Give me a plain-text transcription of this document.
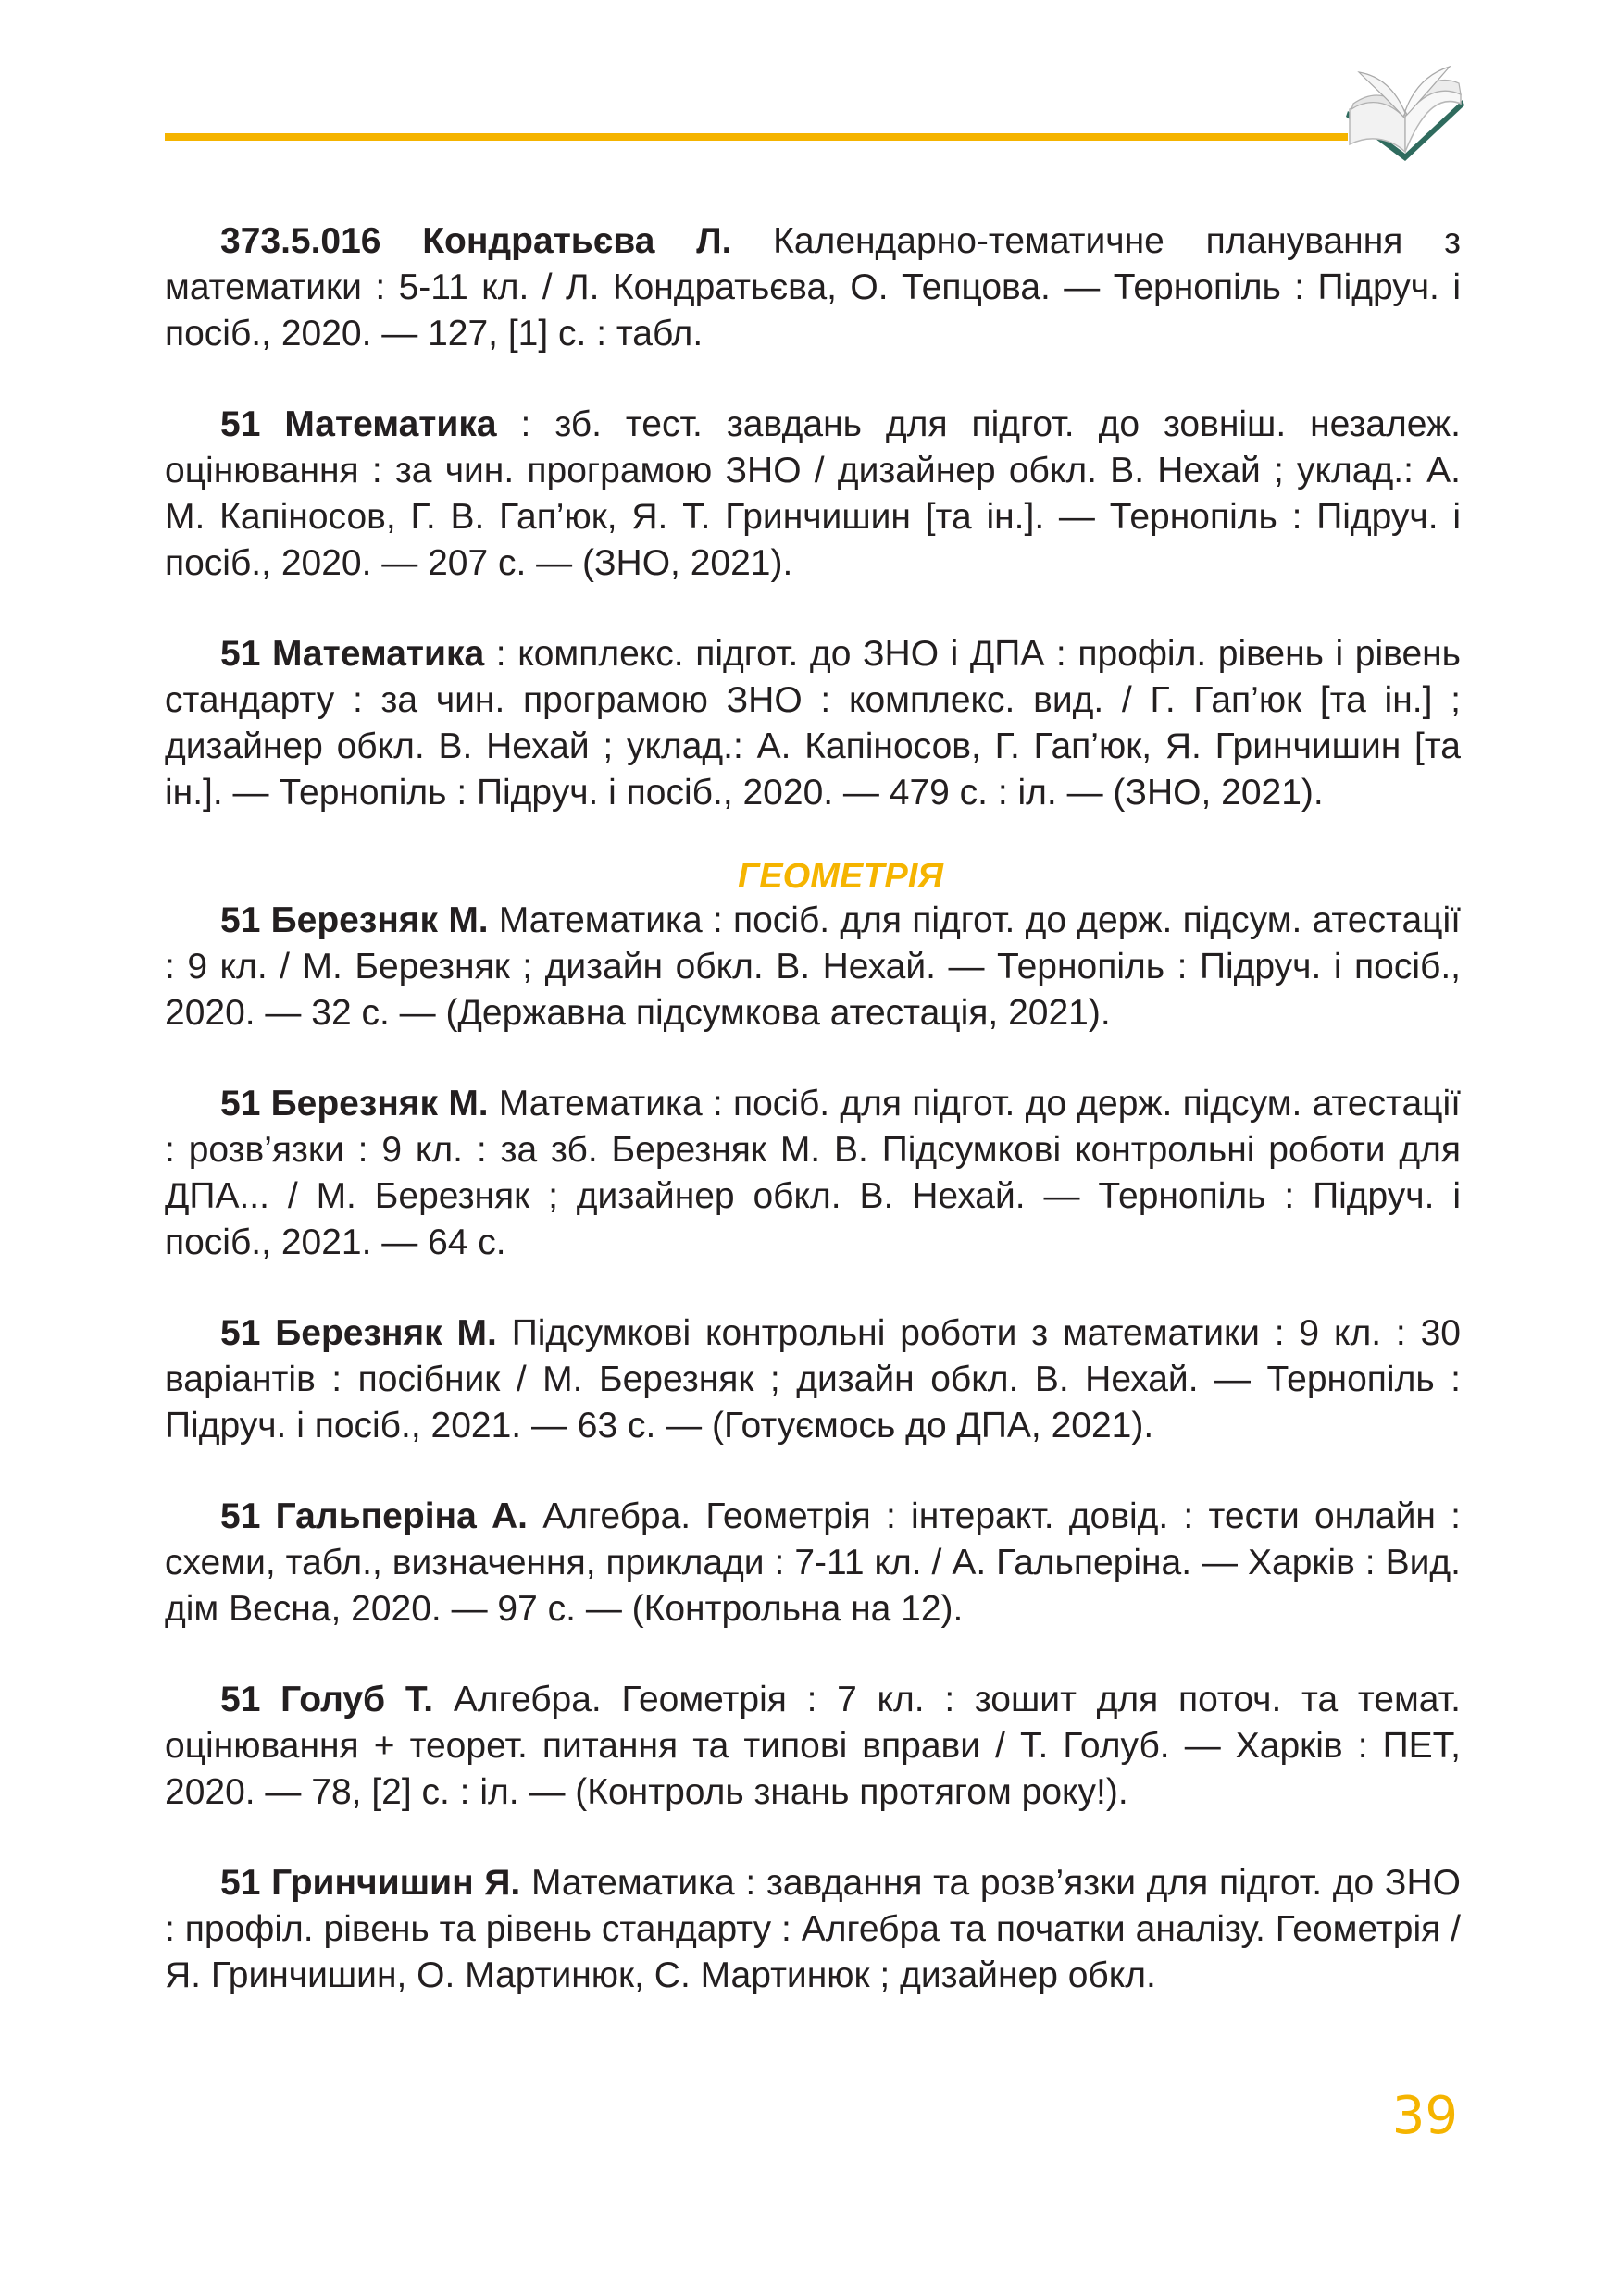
373.5.016 Кондратьєва Л. Календарно-тематичне планування з математики : 5-11 кл. / Л. Кондратьєва, О. Тепцова. — Тернопіль : Підруч. і посіб., 2020. — 127, [1] с. : табл.

51 Математика : зб. тест. завдань для підгот. до зовніш. незалеж. оцінювання : за чин. програмою ЗНО / дизайнер обкл. В. Нехай ; уклад.: А. М. Капіносов, Г. В. Гап’юк, Я. Т. Гринчишин [та ін.]. — Тернопіль : Підруч. і посіб., 2020. — 207 с. — (ЗНО, 2021).

51 Математика : комплекс. підгот. до ЗНО і ДПА : профіл. рівень і рівень стандарту : за чин. програмою ЗНО : комплекс. вид. / Г. Гап’юк [та ін.] ; дизайнер обкл. В. Нехай ; уклад.: А. Капіносов, Г. Гап’юк, Я. Гринчишин [та ін.]. — Тернопіль : Підруч. і посіб., 2020. — 479 с. : іл. — (ЗНО, 2021).

ГЕОМЕТРІЯ

51 Березняк М. Математика : посіб. для підгот. до держ. підсум. атестації : 9 кл. / М. Березняк ; дизайн обкл. В. Нехай. — Тернопіль : Підруч. і посіб., 2020. — 32 с. — (Державна підсумкова атестація, 2021).

51 Березняк М. Математика : посіб. для підгот. до держ. підсум. атестації : розв’язки : 9 кл. : за зб. Березняк М. В. Підсумкові контрольні роботи для ДПА... / М. Березняк ; дизайнер обкл. В. Нехай. — Тернопіль : Підруч. і посіб., 2021. — 64 с.

51 Березняк М. Підсумкові контрольні роботи з математики : 9 кл. : 30 варіантів : посібник / М. Березняк ; дизайн обкл. В. Нехай. — Тернопіль : Підруч. і посіб., 2021. — 63 с. — (Готуємось до ДПА, 2021).

51 Гальперіна А. Алгебра. Геометрія : інтеракт. довід. : тести онлайн : схеми, табл., визначення, приклади : 7-11 кл. / А. Гальперіна. — Харків : Вид. дім Весна, 2020. — 97 с. — (Контрольна на 12).

51 Голуб Т. Алгебра. Геометрія : 7 кл. : зошит для поточ. та темат. оцінювання + теорет. питання та типові вправи / Т. Голуб. — Харків : ПЕТ, 2020. — 78, [2] с. : іл. — (Контроль знань протягом року!).

51 Гринчишин Я. Математика : завдання та розв’язки для підгот. до ЗНО : профіл. рівень та рівень стандарту : Алгебра та початки аналізу. Геометрія / Я. Гринчишин, О. Мартинюк, С. Мартинюк ; дизайнер обкл.

39
